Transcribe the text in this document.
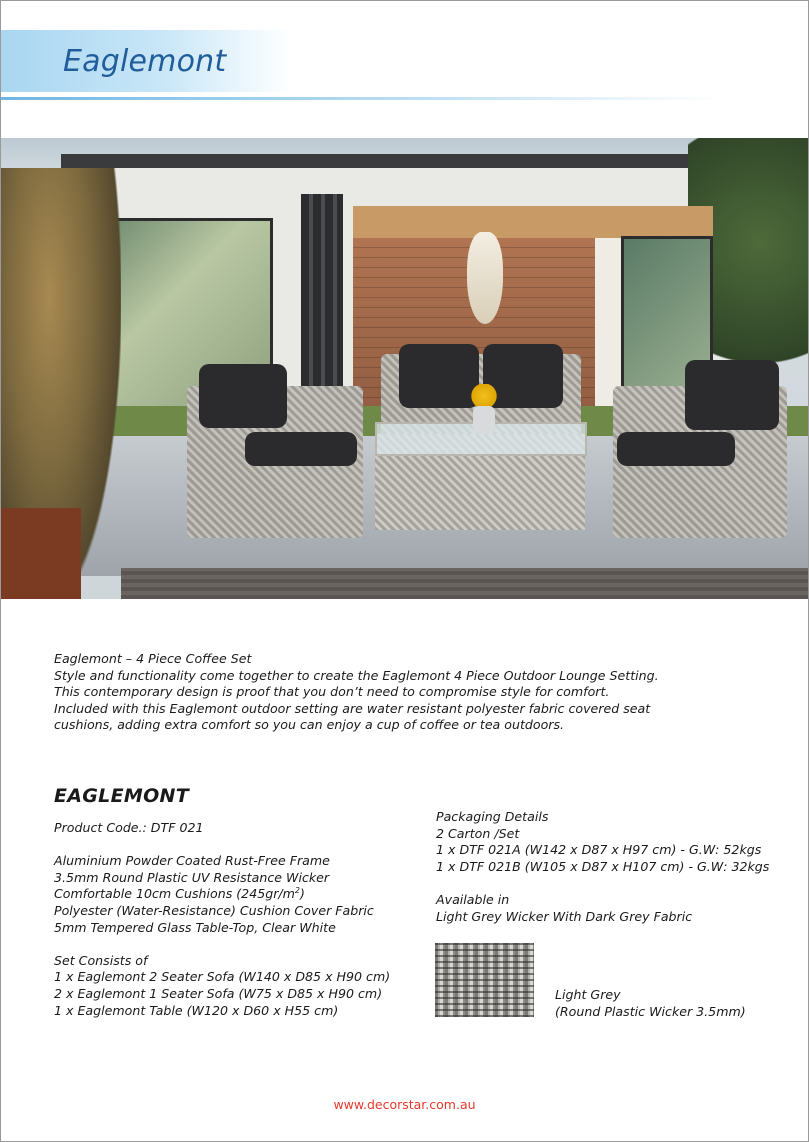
Eaglemont
Eaglemont – 4 Piece Coffee Set
Style and functionality come together to create the Eaglemont 4 Piece Outdoor Lounge Setting.
This contemporary design is proof that you don’t need to compromise style for comfort.
Included with this Eaglemont outdoor setting are water resistant polyester fabric covered seat
cushions, adding extra comfort so you can enjoy a cup of coffee or tea outdoors.
EAGLEMONT
Product Code.: DTF 021
Aluminium Powder Coated Rust-Free Frame
3.5mm Round Plastic UV Resistance Wicker
Comfortable 10cm Cushions $(245gr/m^2)$
Polyester (Water-Resistance) Cushion Cover Fabric
5mm Tempered Glass Table-Top, Clear White
Set Consists of
1 x Eaglemont 2 Seater Sofa (W140 x D85 x H90 cm)
2 x Eaglemont 1 Seater Sofa (W75 x D85 x H90 cm)
1 x Eaglemont Table (W120 x D60 x H55 cm)
Packaging Details
2 Carton /Set
1 x DTF 021A (W142 x D87 x H97 cm) - G.W: 52kgs
1 x DTF 021B (W105 x D87 x H107 cm) - G.W: 32kgs
Available in
Light Grey Wicker With Dark Grey Fabric
Light Grey
(Round Plastic Wicker 3.5mm)
www.decorstar.com.au
